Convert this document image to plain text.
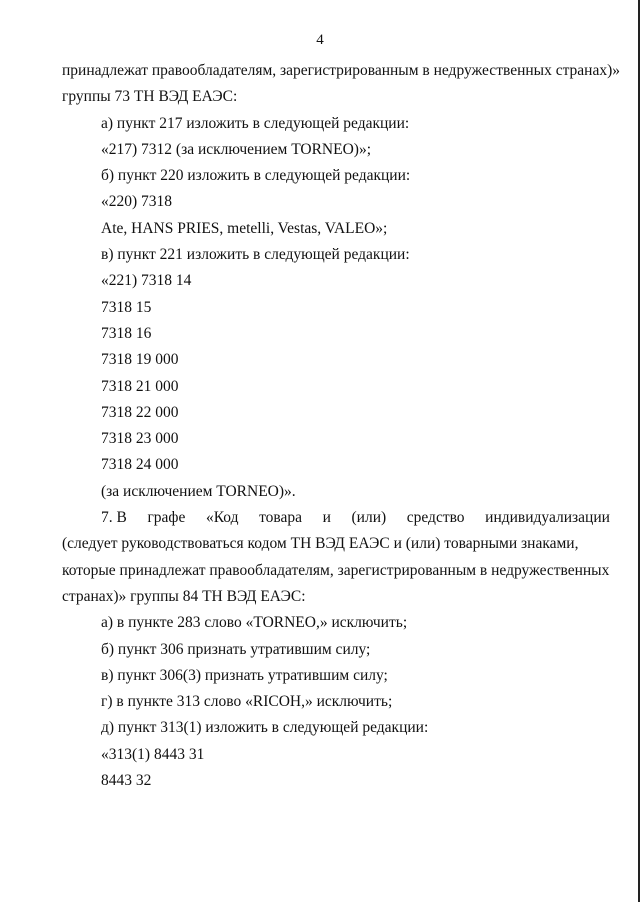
4
принадлежат правообладателям, зарегистрированным в недружественных странах)»
группы 73 ТН ВЭД ЕАЭС:
а) пункт 217 изложить в следующей редакции:
«217) 7312 (за исключением TORNEO)»;
б) пункт 220 изложить в следующей редакции:
«220) 7318
Ate, HANS PRIES, metelli, Vestas, VALEO»;
в) пункт 221 изложить в следующей редакции:
«221) 7318 14
7318 15
7318 16
7318 19 000
7318 21 000
7318 22 000
7318 23 000
7318 24 000
(за исключением TORNEO)».
7. В графе «Код товара и (или) средство индивидуализации
(следует руководствоваться кодом ТН ВЭД ЕАЭС и (или) товарными знаками,
которые принадлежат правообладателям, зарегистрированным в недружественных
странах)» группы 84 ТН ВЭД ЕАЭС:
а) в пункте 283 слово «TORNEO,» исключить;
б) пункт 306 признать утратившим силу;
в) пункт 306(3) признать утратившим силу;
г) в пункте 313 слово «RICOH,» исключить;
д) пункт 313(1) изложить в следующей редакции:
«313(1) 8443 31
8443 32
